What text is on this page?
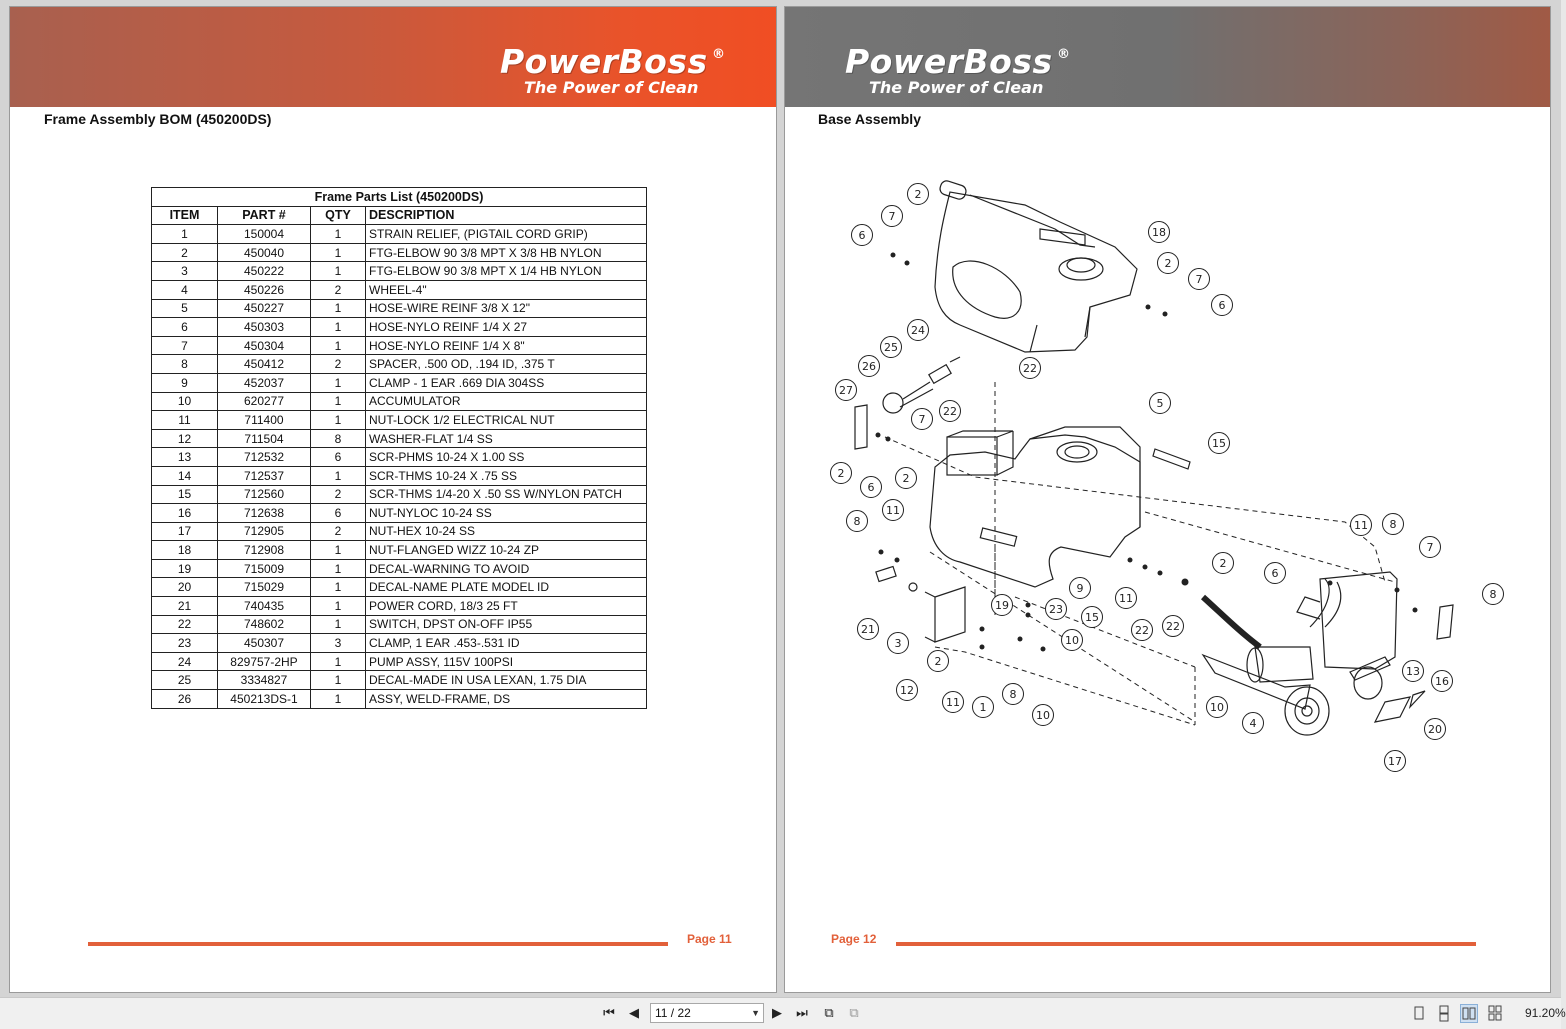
PowerBoss ®
The Power of Clean
Frame Assembly BOM (450200DS)
Frame Parts List (450200DS)			
ITEM	PART #	QTY	DESCRIPTION
1	150004	1	STRAIN RELIEF, (PIGTAIL CORD GRIP)
2	450040	1	FTG-ELBOW 90 3/8 MPT X 3/8 HB NYLON
3	450222	1	FTG-ELBOW 90 3/8 MPT X 1/4 HB NYLON
4	450226	2	WHEEL-4"
5	450227	1	HOSE-WIRE REINF 3/8 X 12"
6	450303	1	HOSE-NYLO REINF 1/4 X 27
7	450304	1	HOSE-NYLO REINF 1/4 X 8"
8	450412	2	SPACER, .500 OD, .194 ID, .375 T
9	452037	1	CLAMP - 1 EAR .669 DIA 304SS
10	620277	1	ACCUMULATOR
11	711400	1	NUT-LOCK 1/2 ELECTRICAL NUT
12	711504	8	WASHER-FLAT 1/4 SS
13	712532	6	SCR-PHMS 10-24 X 1.00 SS
14	712537	1	SCR-THMS 10-24 X .75 SS
15	712560	2	SCR-THMS 1/4-20 X .50 SS W/NYLON PATCH
16	712638	6	NUT-NYLOC 10-24 SS
17	712905	2	NUT-HEX 10-24 SS
18	712908	1	NUT-FLANGED WIZZ 10-24 ZP
19	715009	1	DECAL-WARNING TO AVOID
20	715029	1	DECAL-NAME PLATE MODEL ID
21	740435	1	POWER CORD, 18/3 25 FT
22	748602	1	SWITCH, DPST ON-OFF IP55
23	450307	3	CLAMP, 1 EAR .453-.531 ID
24	829757-2HP	1	PUMP ASSY, 115V 100PSI
25	3334827	1	DECAL-MADE IN USA LEXAN, 1.75 DIA
26	450213DS-1	1	ASSY, WELD-FRAME, DS
Page 11
PowerBoss ®
The Power of Clean
Base Assembly
2
7
6	18
2
7
6
24
25
26
27
22
22
7
5
15
2
6
2
11
8	11 8
7
6
2
9
19	23
15
11
22 22
21
3	10
8
2
12
11 1
8
10
10
4	20
17
16
13
Page 12
⏮	◀	11 / 22	▼ ▶	⏭	⧉	⧉	91.20%
